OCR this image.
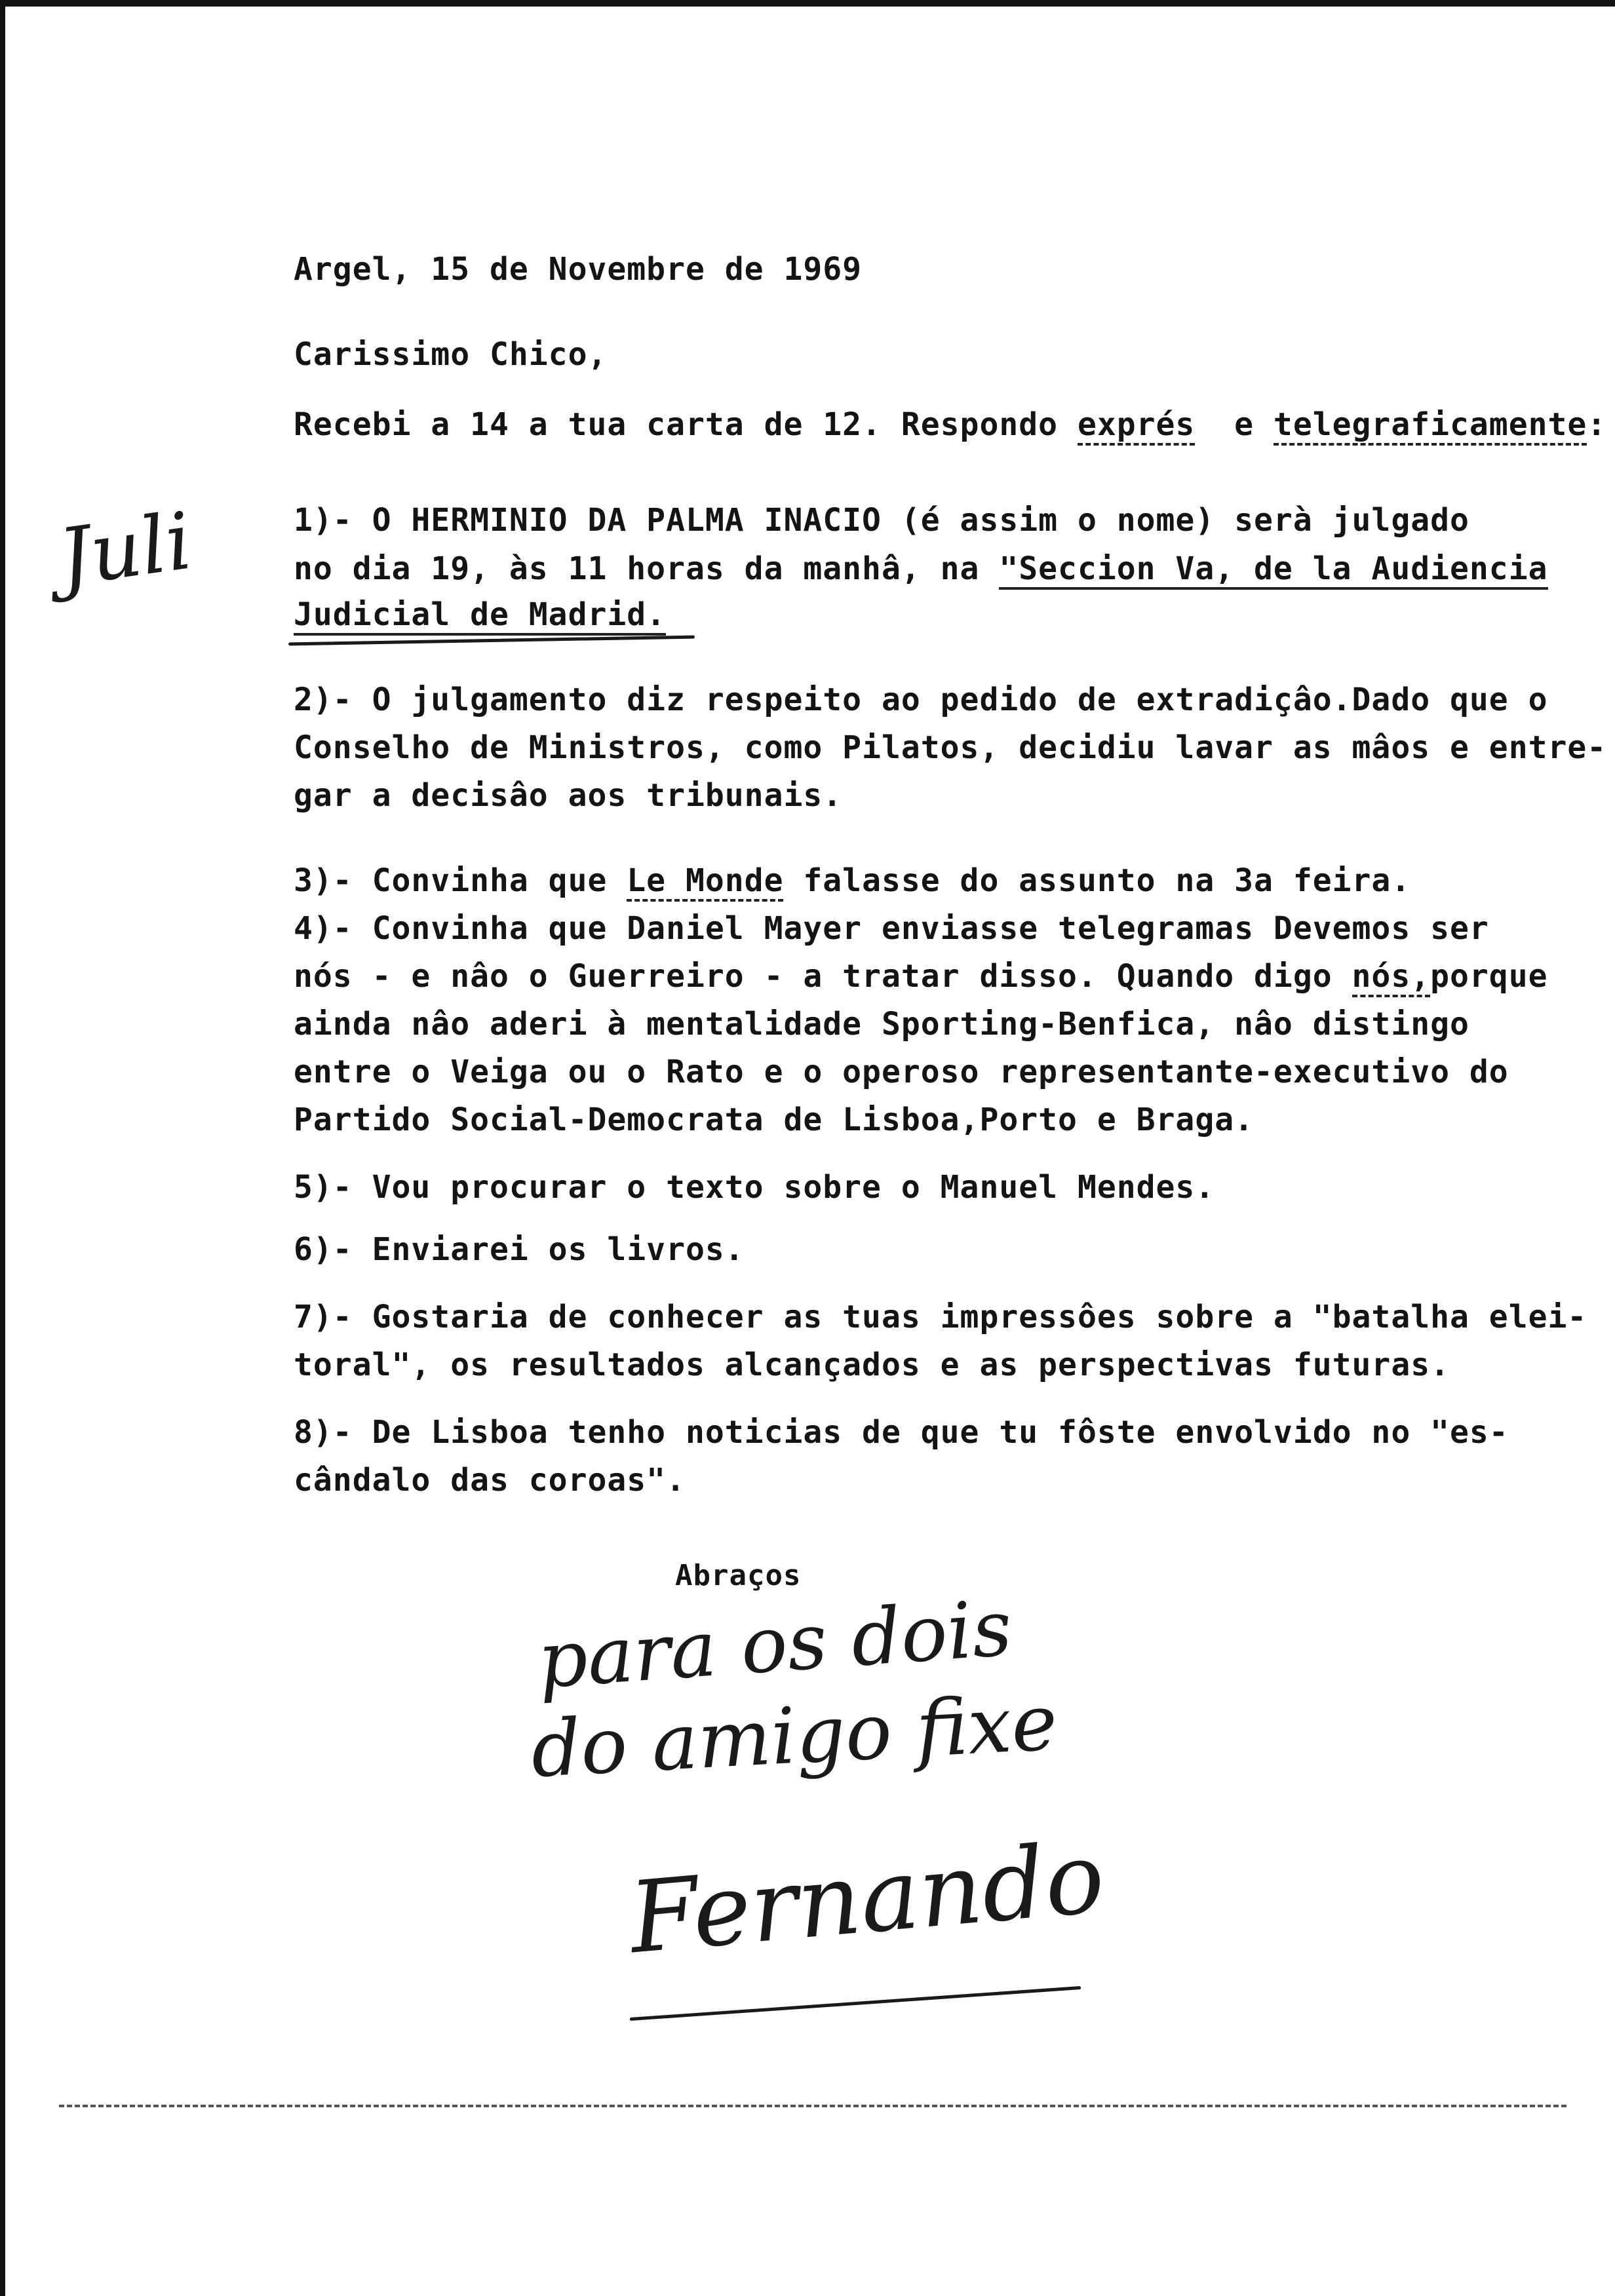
Argel, 15 de Novembre de 1969
Carissimo Chico,
Recebi a 14 a tua carta de 12. Respondo exprés  e telegraficamente:
1)- O HERMINIO DA PALMA INACIO (é assim o nome) serà julgado
no dia 19, às 11 horas da manhâ, na "Seccion Va, de la Audiencia
Judicial de Madrid.
2)- O julgamento diz respeito ao pedido de extradiçâo.Dado que o
Conselho de Ministros, como Pilatos, decidiu lavar as mâos e entre-
gar a decisâo aos tribunais.
3)- Convinha que Le Monde falasse do assunto na 3a feira.
4)- Convinha que Daniel Mayer enviasse telegramas Devemos ser
nós - e nâo o Guerreiro - a tratar disso. Quando digo nós,porque
ainda nâo aderi à mentalidade Sporting-Benfica, nâo distingo
entre o Veiga ou o Rato e o operoso representante-executivo do
Partido Social-Democrata de Lisboa,Porto e Braga.
5)- Vou procurar o texto sobre o Manuel Mendes.
6)- Enviarei os livros.
7)- Gostaria de conhecer as tuas impressôes sobre a "batalha elei-
toral", os resultados alcançados e as perspectivas futuras.
8)- De Lisboa tenho noticias de que tu fôste envolvido no "es-
cândalo das coroas".
Abraços
Juli
para os dois
do amigo fixe
Fernando
